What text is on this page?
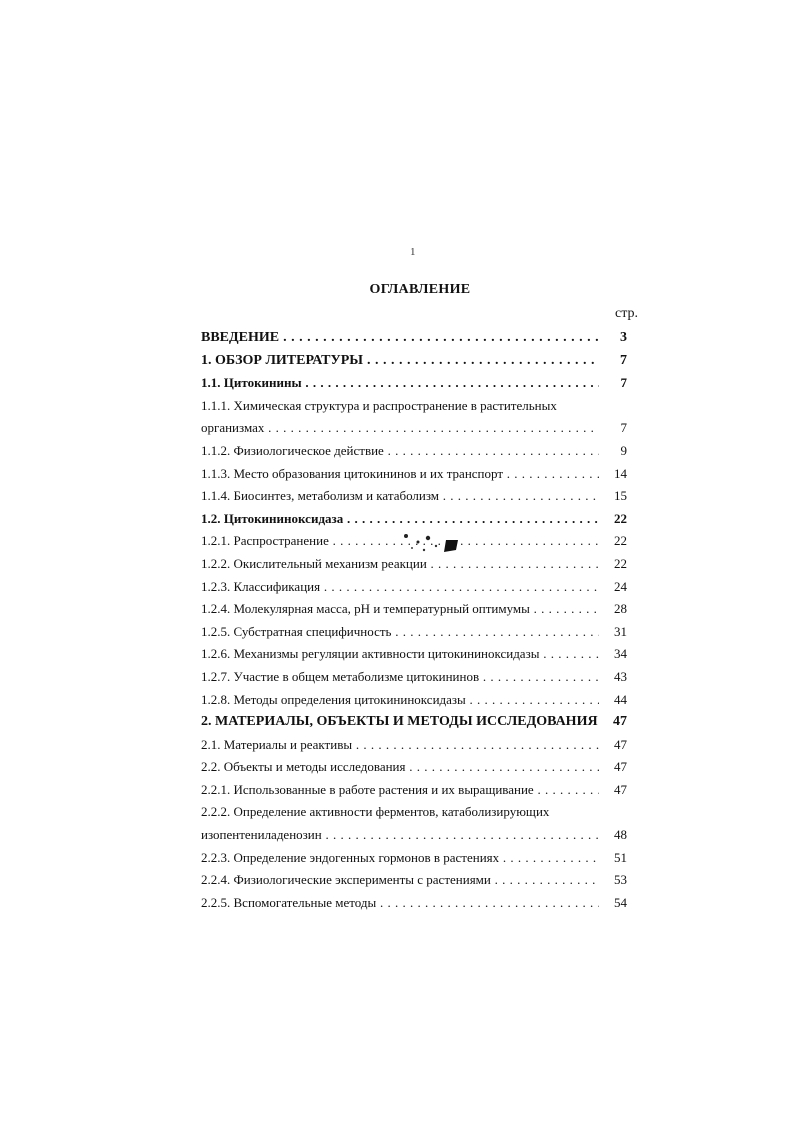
1
ОГЛАВЛЕНИЕ
стр.
ВВЕДЕНИЕ . . .	3
1. ОБЗОР ЛИТЕРАТУРЫ . . .	7
1.1. Цитокинины . . .	7
1.1.1. Химическая структура и распространение в растительных
организмах . . .	7
1.1.2. Физиологическое действие . . .	9
1.1.3. Место образования цитокининов и их транспорт . . .	14
1.1.4. Биосинтез, метаболизм и катаболизм . . .	15
1.2. Цитокининоксидаза . . .	22
1.2.1. Распространение . . .	22
1.2.2. Окислительный механизм реакции . . .	22
1.2.3. Классификация . . .	24
1.2.4. Молекулярная масса, pH и температурный оптимумы . . .	28
1.2.5. Субстратная специфичность . . .	31
1.2.6. Механизмы регуляции активности цитокининоксидазы . . .	34
1.2.7. Участие в общем метаболизме цитокининов . . .	43
1.2.8. Методы определения цитокининоксидазы . . .	44
2. МАТЕРИАЛЫ, ОБЪЕКТЫ И МЕТОДЫ ИССЛЕДОВАНИЯ . . .	47
2.1. Материалы и реактивы . . .	47
2.2. Объекты и методы исследования . . .	47
2.2.1. Использованные в работе растения и их выращивание . . .	47
2.2.2. Определение активности ферментов, катаболизирующих
изопентениладенозин . . .	48
2.2.3. Определение эндогенных гормонов в растениях . . .	51
2.2.4. Физиологические эксперименты с растениями . . .	53
2.2.5. Вспомогательные методы . . .	54
